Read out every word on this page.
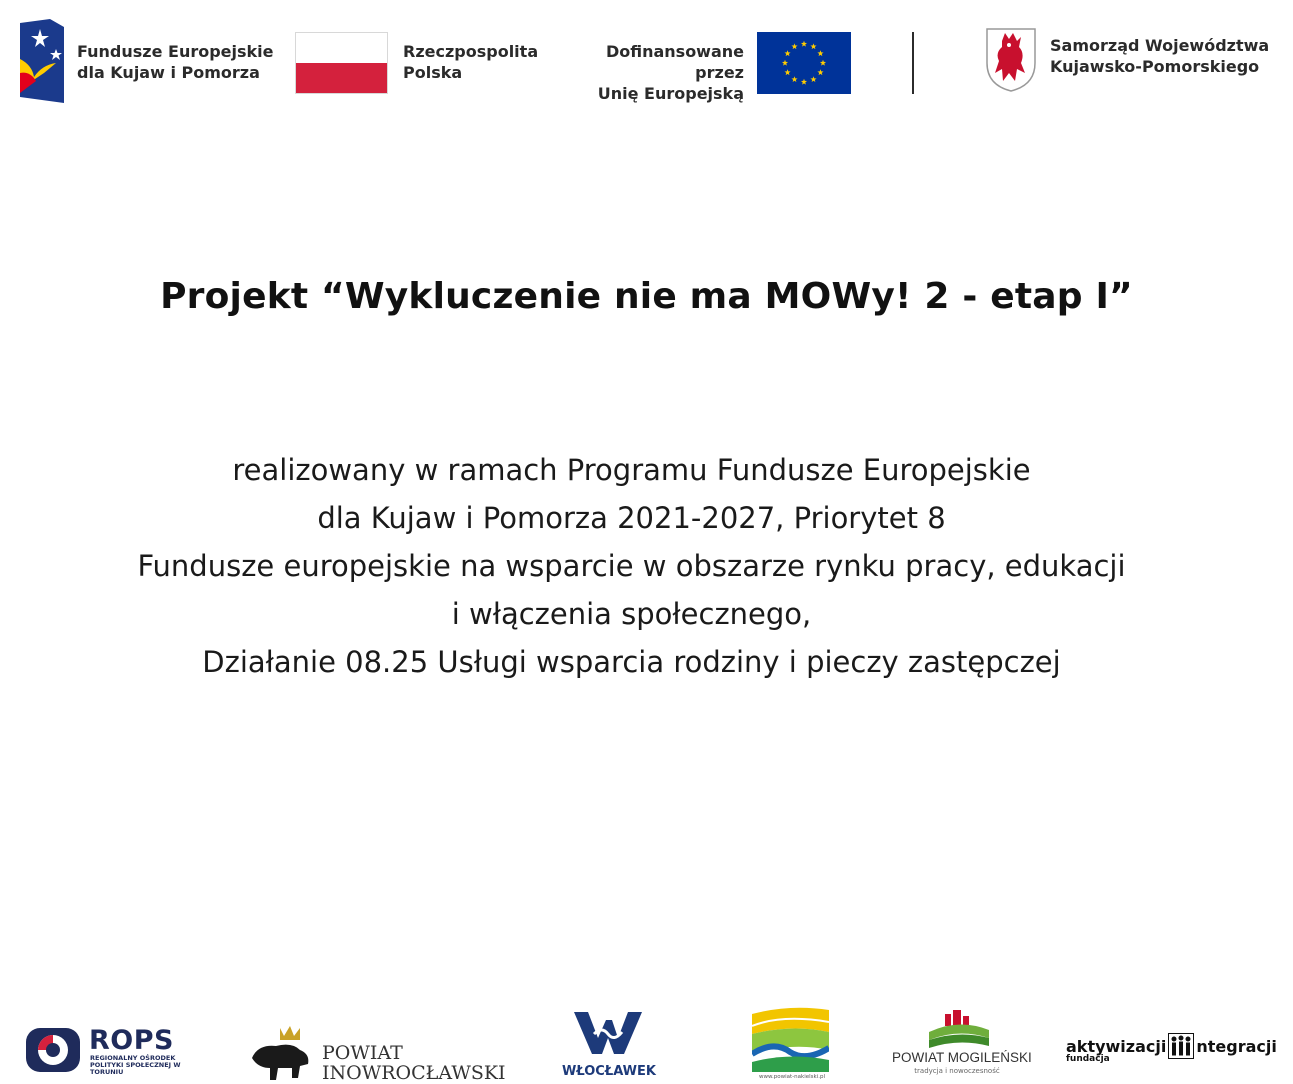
Fundusze Europejskie
dla Kujaw i Pomorza
Rzeczpospolita
Polska
Dofinansowane przez
Unię Europejską
Samorząd Województwa
Kujawsko-Pomorskiego
Projekt “Wykluczenie nie ma MOWy! 2 - etap I”
realizowany w ramach Programu Fundusze Europejskie
dla Kujaw i Pomorza 2021-2027, Priorytet 8
Fundusze europejskie na wsparcie w obszarze rynku pracy, edukacji
i włączenia społecznego,
Działanie 08.25 Usługi wsparcia rodziny i pieczy zastępczej
ROPS
REGIONALNY OŚRODEK POLITYKI SPOŁECZNEJ W TORUNIU
POWIAT
INOWROCŁAWSKI	WŁOCŁAWEK	www.powiat-nakielski.pl
POWIAT MOGILEŃSKI
tradycja i nowoczesność
aktywizacji ntegracji
fundacja
